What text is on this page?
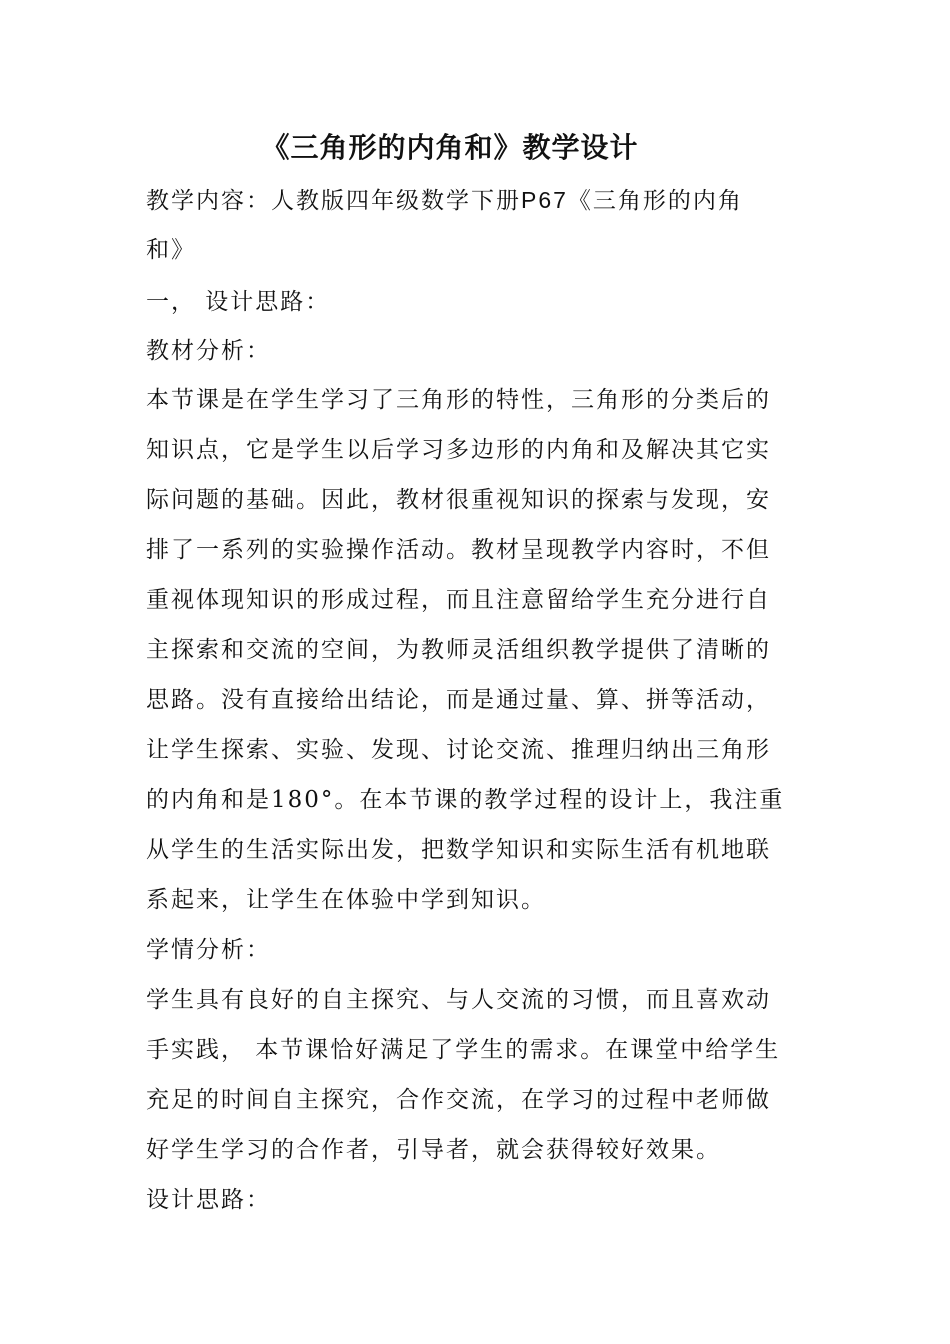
《三角形的内角和》教学设计
教学内容：人教版四年级数学下册P67《三角形的内角
和》
一， 设计思路：
教材分析：
本节课是在学生学习了三角形的特性，三角形的分类后的
知识点，它是学生以后学习多边形的内角和及解决其它实
际问题的基础。因此，教材很重视知识的探索与发现，安
排了一系列的实验操作活动。教材呈现教学内容时，不但
重视体现知识的形成过程，而且注意留给学生充分进行自
主探索和交流的空间，为教师灵活组织教学提供了清晰的
思路。没有直接给出结论，而是通过量、算、拼等活动，
让学生探索、实验、发现、讨论交流、推理归纳出三角形
的内角和是180°。在本节课的教学过程的设计上，我注重
从学生的生活实际出发，把数学知识和实际生活有机地联
系起来，让学生在体验中学到知识。
学情分析：
学生具有良好的自主探究、与人交流的习惯，而且喜欢动
手实践， 本节课恰好满足了学生的需求。在课堂中给学生
充足的时间自主探究，合作交流，在学习的过程中老师做
好学生学习的合作者，引导者，就会获得较好效果。
设计思路：
